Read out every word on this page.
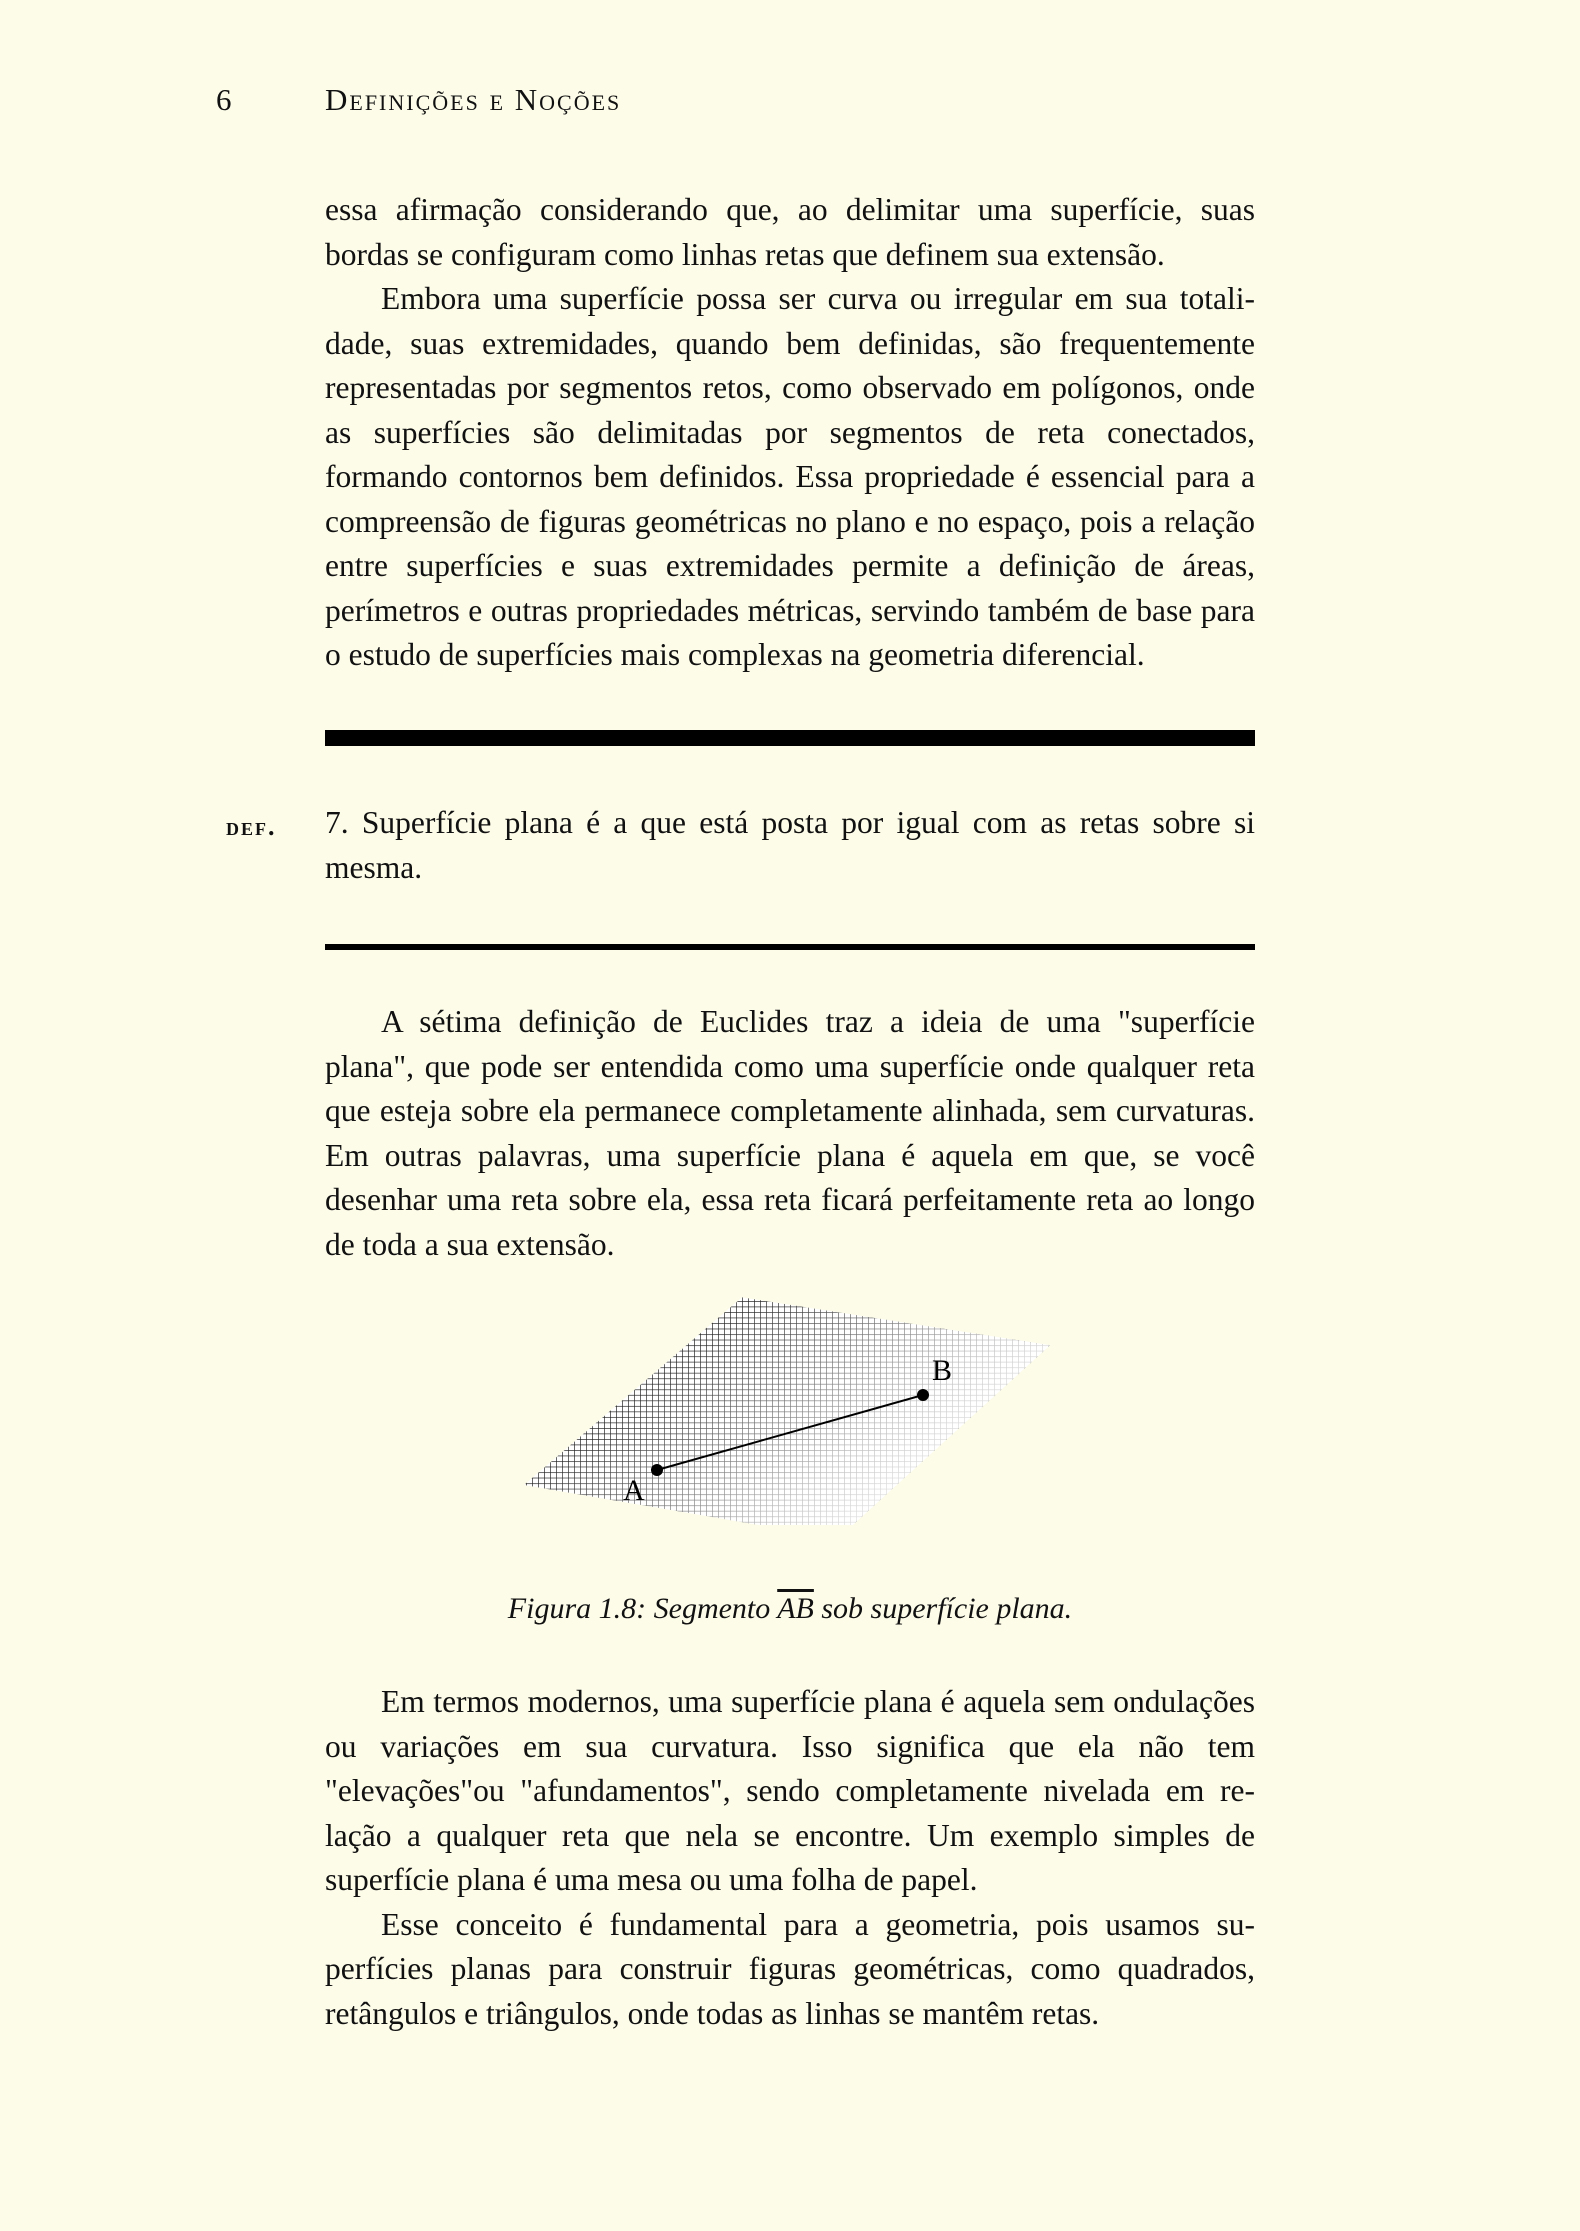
6	Definições e Noções

essa afirmação considerando que, ao delimitar uma superfície, suas bordas se configuram como linhas retas que definem sua extensão.

Embora uma superfície possa ser curva ou irregular em sua totalidade, suas extremidades, quando bem definidas, são frequentemente representadas por segmentos retos, como observado em polígonos, onde as superfícies são delimitadas por segmentos de reta conectados, formando contornos bem definidos. Essa propriedade é essencial para a compreensão de figuras geométricas no plano e no espaço, pois a relação entre superfícies e suas extremidades permite a definição de áreas, perímetros e outras propriedades métricas, servindo também de base para o estudo de superfícies mais complexas na geometria diferencial.

def. 7. Superfície plana é a que está posta por igual com as retas sobre si mesma.

A sétima definição de Euclides traz a ideia de uma "superfície plana", que pode ser entendida como uma superfície onde qualquer reta que esteja sobre ela permanece completamente alinhada, sem curvaturas. Em outras palavras, uma superfície plana é aquela em que, se você desenhar uma reta sobre ela, essa reta ficará perfeitamente reta ao longo de toda a sua extensão.

A
B
Figura 1.8: Segmento $\overline{AB}$ sob superfície plana.

Em termos modernos, uma superfície plana é aquela sem ondulações ou variações em sua curvatura. Isso significa que ela não tem "elevações"ou "afundamentos", sendo completamente nivelada em relação a qualquer reta que nela se encontre. Um exemplo simples de superfície plana é uma mesa ou uma folha de papel.

Esse conceito é fundamental para a geometria, pois usamos superfícies planas para construir figuras geométricas, como quadrados, retângulos e triângulos, onde todas as linhas se mantêm retas.
